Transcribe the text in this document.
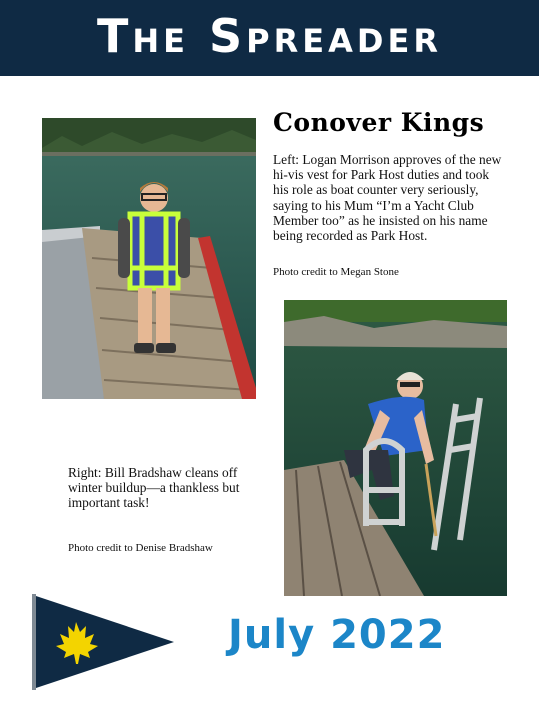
The Spreader
Conover Kings
Left: Logan Morrison approves of the new hi-vis vest for Park Host duties and took his role as boat counter very seriously, saying to his Mum “I’m a Yacht Club Member too” as he insisted on his name being recorded as Park Host.
Photo credit to Megan Stone
Right: Bill Bradshaw cleans off winter buildup—a thankless but important task!
Photo credit to Denise Bradshaw
July 2022
